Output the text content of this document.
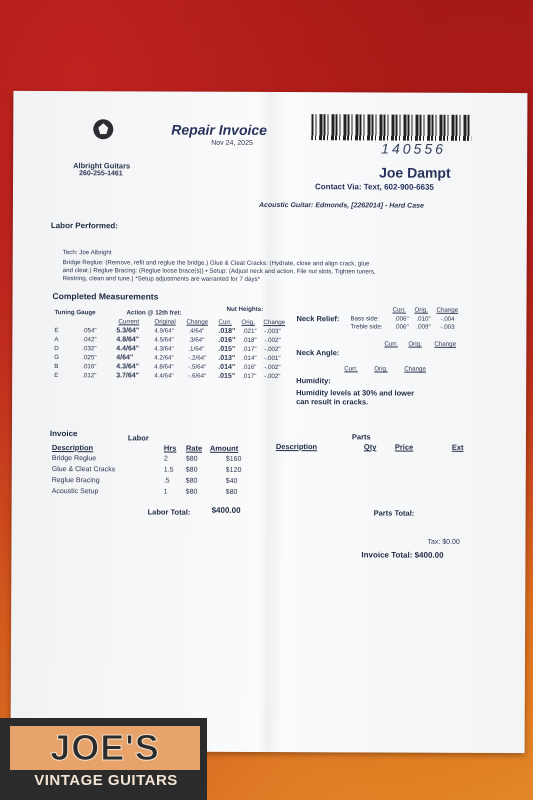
Albright Guitars
260-255-1461
Repair Invoice
Nov 24, 2025	140556
Joe Dampt
Contact Via: Text, 602-900-6635
Acoustic Guitar: Edmonds, [2262014] - Hard Case
Labor Performed:
Tech: Joe Albright
Bridge Reglue: (Remove, refit and reglue the bridge.) Glue & Cleat Cracks: (Hydrate, close and align crack, glue
and cleat.) Reglue Bracing: (Reglue loose brace(s)) • Setup: (Adjust neck and action, File nut slots, Tighten tuners,
Restring, clean and tune.) *Setup adjustments are warranted for 7 days*
Completed Measurements
Tuning Gauge	Action @ 12th fret:	Nut Heights:
Current Original Change Curr. Orig. Change
E	.054"	5.3/64" 4.9/64" .4/64" .018" .021" -.003"
A	.042"	4.8/64" 4.5/64" .3/64" .016" .018" -.002"
D	.032"	4.4/64" 4.3/64" .1/64" .015" .017" -.002"
G	.025"	4/64"	4.2/64" -.2/64" .013" .014" -.001"
B	.016"	4.3/64" 4.8/64" -.5/64" .014" .016" -.002"
E	.012"	3.7/64" 4.4/64" -.6/64" .015" .017" -.002"
Neck Relief:
Curr. Orig. Change
Bass side: .006" .010" -.004
Treble side: .006" .009" -.003
Neck Angle:
Curr. Orig. Change
Curr.	Orig.	Change
Humidity:
Humidity levels at 30% and lower
can result in cracks.
Invoice	Labor	Parts
Description	Hrs Rate Amount	Description	Qty Price	Ext
Bridge Reglue	2	$80	$160
Glue & Cleat Cracks	1.5 $80	$120
Reglue Bracing	.5 $80	$40
Acoustic Setup	1	$80	$80
Labor Total:	$400.00	Parts Total:
Tax: $0.00
Invoice Total: $400.00
JOE'S
VINTAGE GUITARS
